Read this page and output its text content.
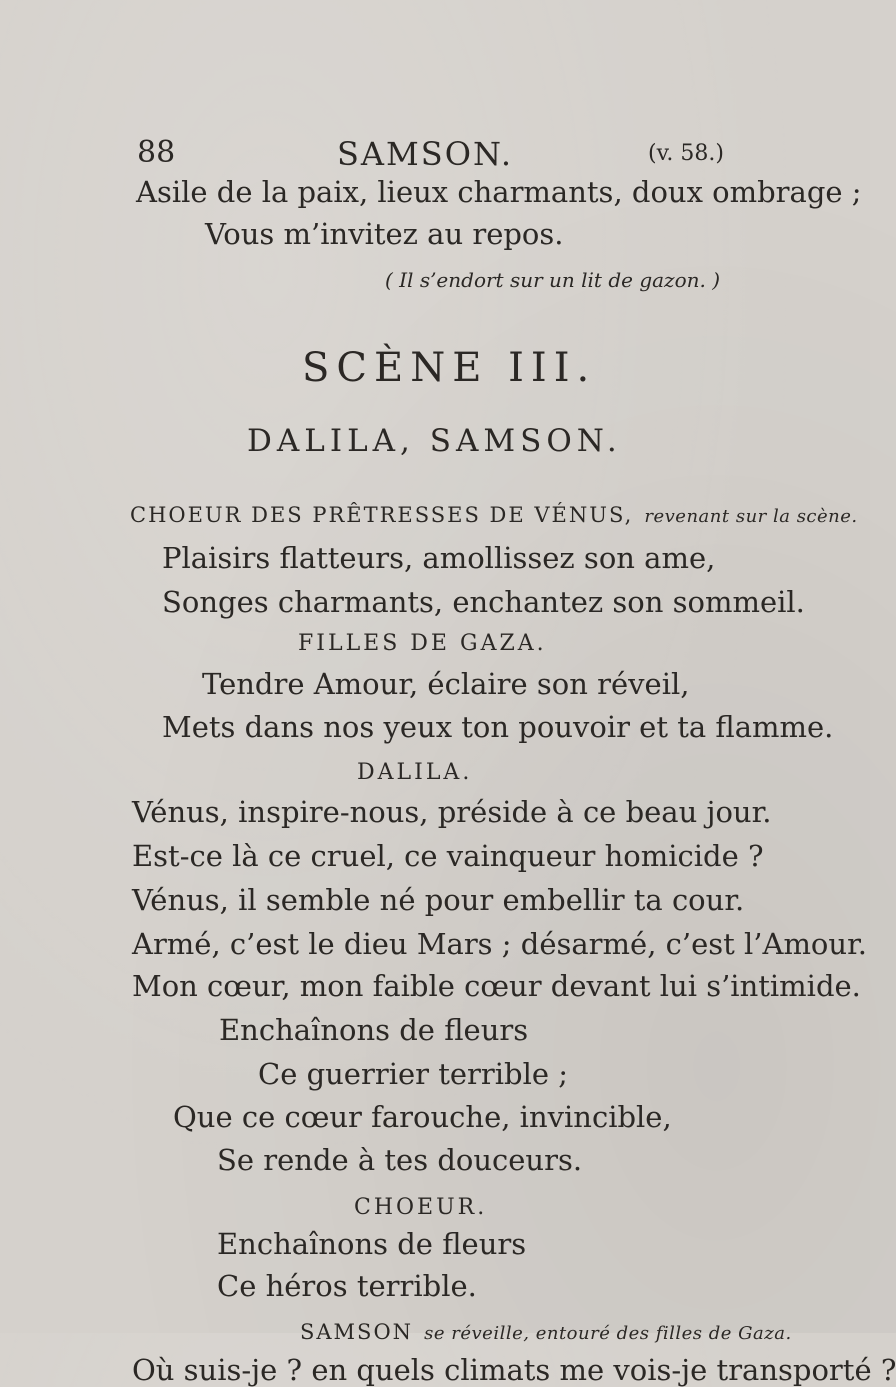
88	SAMSON.	(v. 58.)
Asile de la paix, lieux charmants, doux ombrage ;
Vous m’invitez au repos.
( Il s’endort sur un lit de gazon. )
SCÈNE III.
DALILA, SAMSON.
CHOEUR DES PRÊTRESSES DE VÉNUS, revenant sur la scène.
Plaisirs flatteurs, amollissez son ame,
Songes charmants, enchantez son sommeil.
FILLES DE GAZA.
Tendre Amour, éclaire son réveil,
Mets dans nos yeux ton pouvoir et ta flamme.
DALILA.
Vénus, inspire-nous, préside à ce beau jour.
Est-ce là ce cruel, ce vainqueur homicide ?
Vénus, il semble né pour embellir ta cour.
Armé, c’est le dieu Mars ; désarmé, c’est l’Amour.
Mon cœur, mon faible cœur devant lui s’intimide.
Enchaînons de fleurs
Ce guerrier terrible ;
Que ce cœur farouche, invincible,
Se rende à tes douceurs.
CHOEUR.
Enchaînons de fleurs
Ce héros terrible.
SAMSON se réveille, entouré des filles de Gaza.
Où suis-je ? en quels climats me vois-je transporté ?
